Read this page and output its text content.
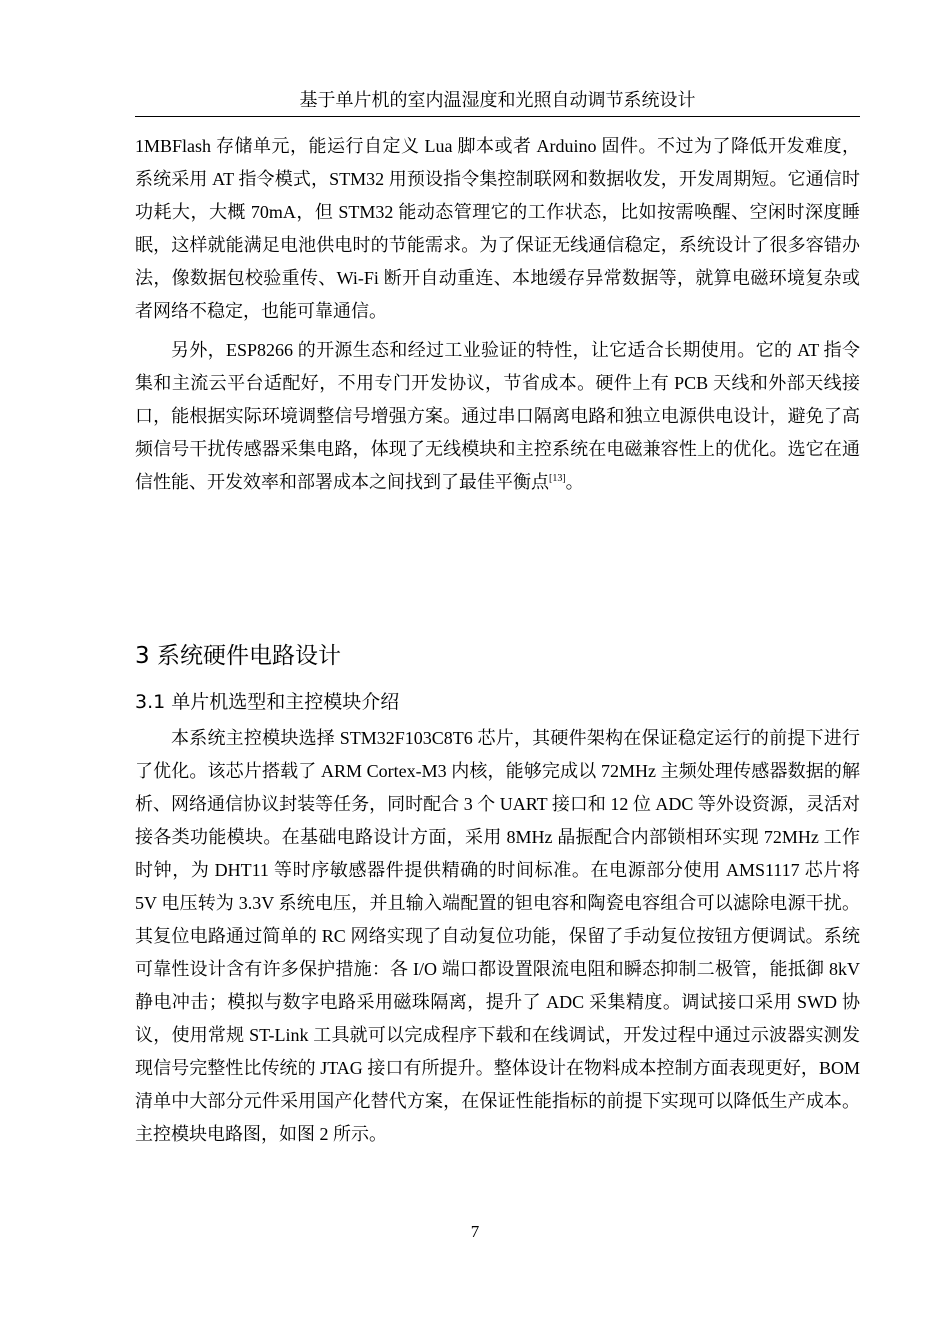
基于单片机的室内温湿度和光照自动调节系统设计

1MBFlash 存储单元，能运行自定义 Lua 脚本或者 Arduino 固件。不过为了降低开发难度，系统采用 AT 指令模式，STM32 用预设指令集控制联网和数据收发，开发周期短。它通信时功耗大，大概 70mA，但 STM32 能动态管理它的工作状态，比如按需唤醒、空闲时深度睡眠，这样就能满足电池供电时的节能需求。为了保证无线通信稳定，系统设计了很多容错办法，像数据包校验重传、Wi-Fi 断开自动重连、本地缓存异常数据等，就算电磁环境复杂或者网络不稳定，也能可靠通信。

另外，ESP8266 的开源生态和经过工业验证的特性，让它适合长期使用。它的 AT 指令集和主流云平台适配好，不用专门开发协议，节省成本。硬件上有 PCB 天线和外部天线接口，能根据实际环境调整信号增强方案。通过串口隔离电路和独立电源供电设计，避免了高频信号干扰传感器采集电路，体现了无线模块和主控系统在电磁兼容性上的优化。选它在通信性能、开发效率和部署成本之间找到了最佳平衡点[13]。

3 系统硬件电路设计
3.1 单片机选型和主控模块介绍

本系统主控模块选择 STM32F103C8T6 芯片，其硬件架构在保证稳定运行的前提下进行了优化。该芯片搭载了 ARM Cortex-M3 内核，能够完成以 72MHz 主频处理传感器数据的解析、网络通信协议封装等任务，同时配合 3 个 UART 接口和 12 位 ADC 等外设资源，灵活对接各类功能模块。在基础电路设计方面，采用 8MHz 晶振配合内部锁相环实现 72MHz 工作时钟，为 DHT11 等时序敏感器件提供精确的时间标准。在电源部分使用 AMS1117 芯片将 5V 电压转为 3.3V 系统电压，并且输入端配置的钽电容和陶瓷电容组合可以滤除电源干扰。其复位电路通过简单的 RC 网络实现了自动复位功能，保留了手动复位按钮方便调试。系统可靠性设计含有许多保护措施：各 I/O 端口都设置限流电阻和瞬态抑制二极管，能抵御 8kV 静电冲击；模拟与数字电路采用磁珠隔离，提升了 ADC 采集精度。调试接口采用 SWD 协议，使用常规 ST-Link 工具就可以完成程序下载和在线调试，开发过程中通过示波器实测发现信号完整性比传统的 JTAG 接口有所提升。整体设计在物料成本控制方面表现更好，BOM 清单中大部分元件采用国产化替代方案，在保证性能指标的前提下实现可以降低生产成本。主控模块电路图，如图 2 所示。

7
